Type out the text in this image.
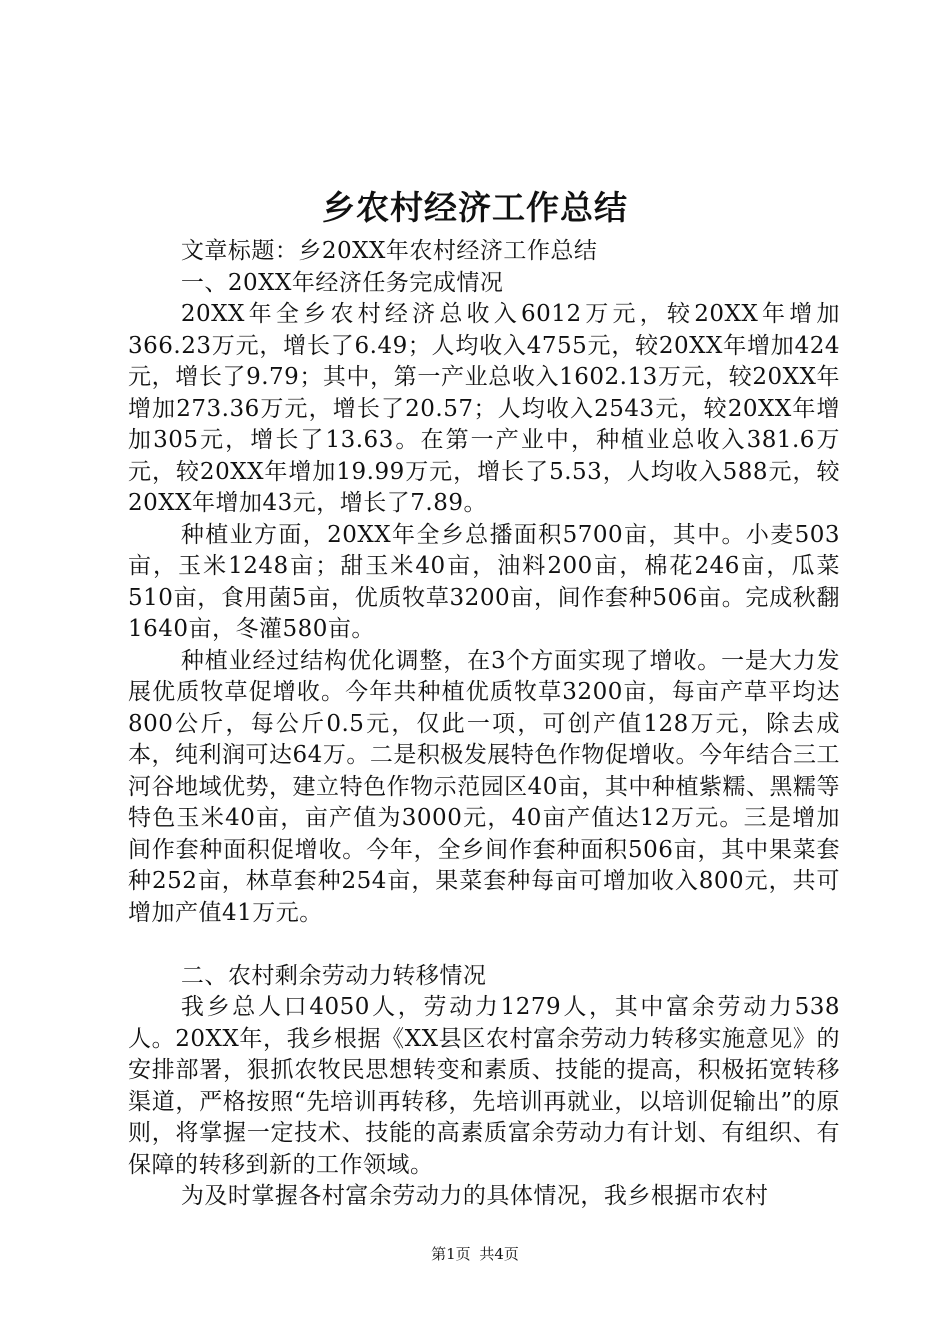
乡农村经济工作总结

文章标题：乡20XX年农村经济工作总结

一、20XX年经济任务完成情况

20XX年全乡农村经济总收入6012万元，较20XX年增加366.23万元，增长了6.49；人均收入4755元，较20XX年增加424元，增长了9.79；其中，第一产业总收入1602.13万元，较20XX年增加273.36万元，增长了20.57；人均收入2543元，较20XX年增加305元，增长了13.63。在第一产业中，种植业总收入381.6万元，较20XX年增加19.99万元，增长了5.53，人均收入588元，较20XX年增加43元，增长了7.89。

种植业方面，20XX年全乡总播面积5700亩，其中。小麦503亩，玉米1248亩；甜玉米40亩，油料200亩，棉花246亩，瓜菜510亩，食用菌5亩，优质牧草3200亩，间作套种506亩。完成秋翻1640亩，冬灌580亩。

种植业经过结构优化调整，在3个方面实现了增收。一是大力发展优质牧草促增收。今年共种植优质牧草3200亩，每亩产草平均达800公斤，每公斤0.5元，仅此一项，可创产值128万元，除去成本，纯利润可达64万。二是积极发展特色作物促增收。今年结合三工河谷地域优势，建立特色作物示范园区40亩，其中种植紫糯、黑糯等特色玉米40亩，亩产值为3000元，40亩产值达12万元。三是增加间作套种面积促增收。今年，全乡间作套种面积506亩，其中果菜套种252亩，林草套种254亩，果菜套种每亩可增加收入800元，共可增加产值41万元。

二、农村剩余劳动力转移情况

我乡总人口4050人，劳动力1279人，其中富余劳动力538人。20XX年，我乡根据《XX县区农村富余劳动力转移实施意见》的安排部署，狠抓农牧民思想转变和素质、技能的提高，积极拓宽转移渠道，严格按照“先培训再转移，先培训再就业，以培训促输出”的原则，将掌握一定技术、技能的高素质富余劳动力有计划、有组织、有保障的转移到新的工作领域。

为及时掌握各村富余劳动力的具体情况，我乡根据市农村

第1页 共4页
